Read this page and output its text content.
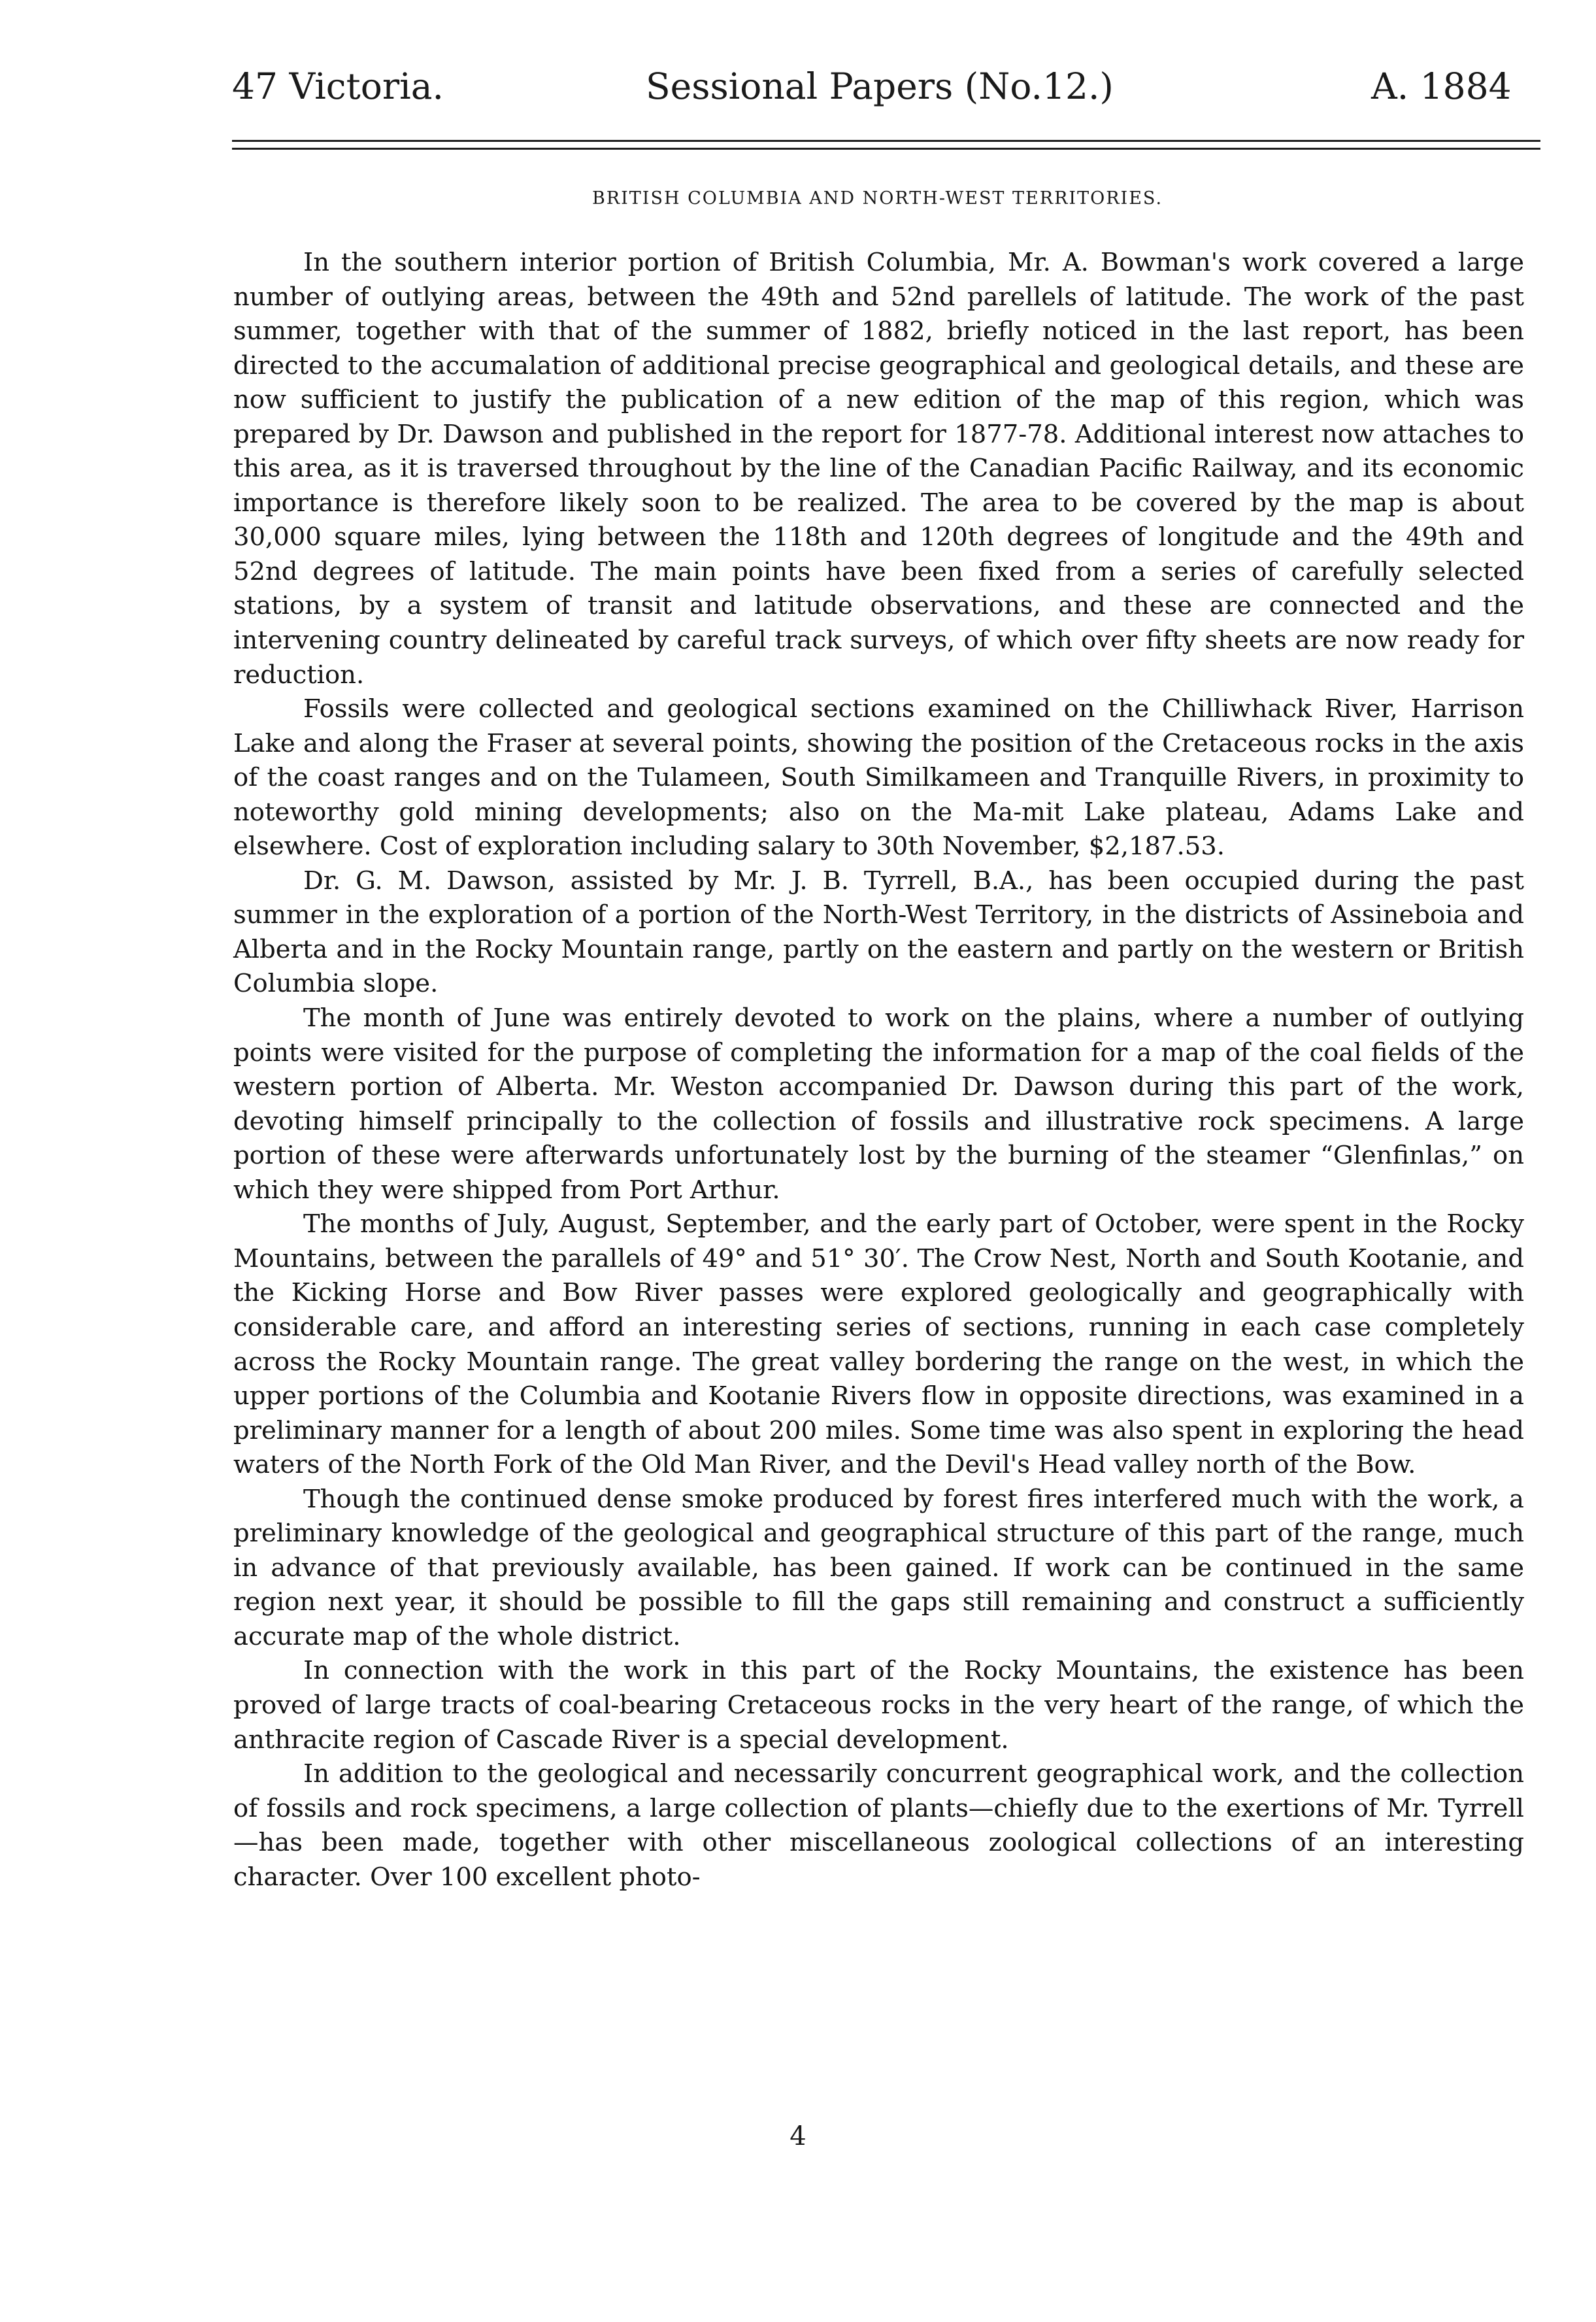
47 Victoria.	Sessional Papers (No.12.)	A. 1884
BRITISH COLUMBIA AND NORTH-WEST TERRITORIES.

In the southern interior portion of British Columbia, Mr. A. Bowman's work covered a large number of outlying areas, between the 49th and 52nd parellels of latitude. The work of the past summer, together with that of the summer of 1882, briefly noticed in the last report, has been directed to the accumalation of additional precise geographical and geological details, and these are now sufficient to justify the publication of a new edition of the map of this region, which was prepared by Dr. Dawson and published in the report for 1877-78. Additional interest now attaches to this area, as it is traversed throughout by the line of the Canadian Pacific Railway, and its economic importance is therefore likely soon to be realized. The area to be covered by the map is about 30,000 square miles, lying between the 118th and 120th degrees of longitude and the 49th and 52nd degrees of latitude. The main points have been fixed from a series of carefully selected stations, by a system of transit and latitude observations, and these are connected and the intervening country delineated by careful track surveys, of which over fifty sheets are now ready for reduction.

Fossils were collected and geological sections examined on the Chilliwhack River, Harrison Lake and along the Fraser at several points, showing the position of the Cretaceous rocks in the axis of the coast ranges and on the Tulameen, South Similkameen and Tranquille Rivers, in proximity to noteworthy gold mining developments; also on the Ma-mit Lake plateau, Adams Lake and elsewhere. Cost of exploration including salary to 30th November, $2,187.53.

Dr. G. M. Dawson, assisted by Mr. J. B. Tyrrell, B.A., has been occupied during the past summer in the exploration of a portion of the North-West Territory, in the districts of Assineboia and Alberta and in the Rocky Mountain range, partly on the eastern and partly on the western or British Columbia slope.

The month of June was entirely devoted to work on the plains, where a number of outlying points were visited for the purpose of completing the information for a map of the coal fields of the western portion of Alberta. Mr. Weston accompanied Dr. Dawson during this part of the work, devoting himself principally to the collection of fossils and illustrative rock specimens. A large portion of these were afterwards unfortunately lost by the burning of the steamer “Glenfinlas,” on which they were shipped from Port Arthur.

The months of July, August, September, and the early part of October, were spent in the Rocky Mountains, between the parallels of 49° and 51° 30′. The Crow Nest, North and South Kootanie, and the Kicking Horse and Bow River passes were explored geologically and geographically with considerable care, and afford an interesting series of sections, running in each case completely across the Rocky Mountain range. The great valley bordering the range on the west, in which the upper portions of the Columbia and Kootanie Rivers flow in opposite directions, was examined in a preliminary manner for a length of about 200 miles. Some time was also spent in exploring the head waters of the North Fork of the Old Man River, and the Devil's Head valley north of the Bow.

Though the continued dense smoke produced by forest fires interfered much with the work, a preliminary knowledge of the geological and geographical structure of this part of the range, much in advance of that previously available, has been gained. If work can be continued in the same region next year, it should be possible to fill the gaps still remaining and construct a sufficiently accurate map of the whole district.

In connection with the work in this part of the Rocky Mountains, the existence has been proved of large tracts of coal-bearing Cretaceous rocks in the very heart of the range, of which the anthracite region of Cascade River is a special development.

In addition to the geological and necessarily concurrent geographical work, and the collection of fossils and rock specimens, a large collection of plants—chiefly due to the exertions of Mr. Tyrrell—has been made, together with other miscellaneous zoological collections of an interesting character. Over 100 excellent photo-

4
